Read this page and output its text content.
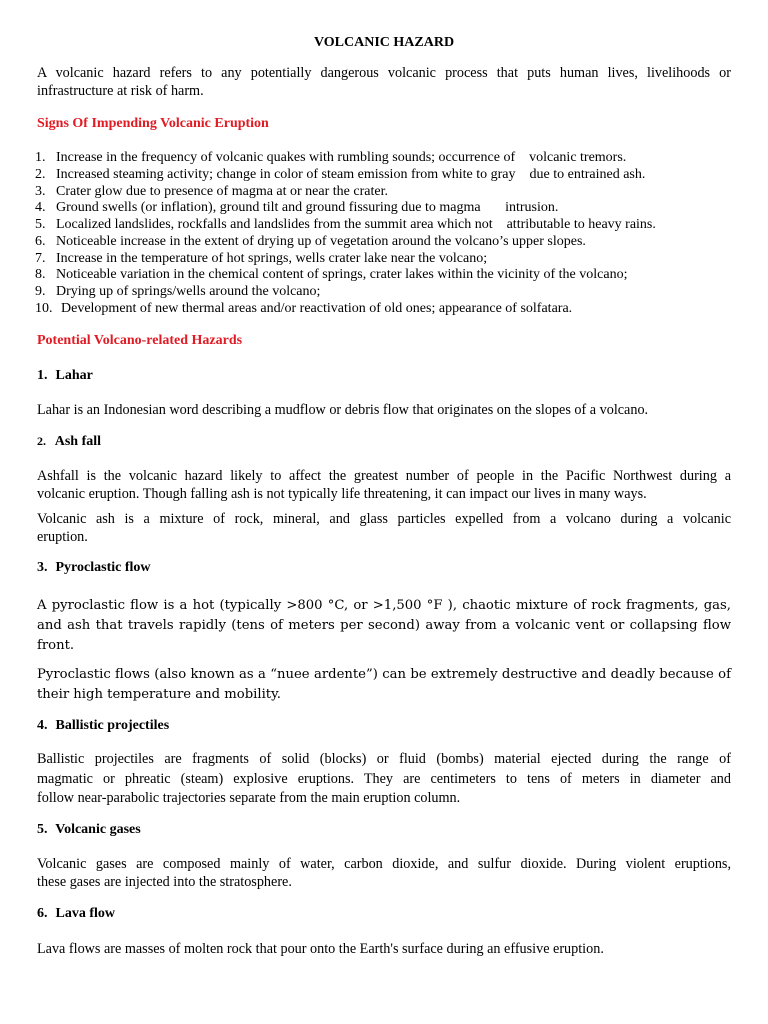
VOLCANIC HAZARD
A volcanic hazard refers to any potentially dangerous volcanic process that puts human lives, livelihoods or
infrastructure at risk of harm.
Signs Of Impending Volcanic Eruption
1. Increase in the frequency of volcanic quakes with rumbling sounds; occurrence of    volcanic tremors.
2. Increased steaming activity; change in color of steam emission from white to gray    due to entrained ash.
3. Crater glow due to presence of magma at or near the crater.
4. Ground swells (or inflation), ground tilt and ground fissuring due to magma       intrusion.
5. Localized landslides, rockfalls and landslides from the summit area which not    attributable to heavy rains.
6. Noticeable increase in the extent of drying up of vegetation around the volcano’s upper slopes.
7. Increase in the temperature of hot springs, wells crater lake near the volcano;
8. Noticeable variation in the chemical content of springs, crater lakes within the vicinity of the volcano;
9. Drying up of springs/wells around the volcano;
10. Development of new thermal areas and/or reactivation of old ones; appearance of solfatara.
Potential Volcano-related Hazards
1. Lahar
Lahar is an Indonesian word describing a mudflow or debris flow that originates on the slopes of a volcano.
2. Ash fall
Ashfall is the volcanic hazard likely to affect the greatest number of people in the Pacific Northwest during a
volcanic eruption. Though falling ash is not typically life threatening, it can impact our lives in many ways.
Volcanic ash is a mixture of rock, mineral, and glass particles expelled from a volcano during a volcanic
eruption.
3. Pyroclastic flow
A pyroclastic flow is a hot (typically >800 °C, or >1,500 °F ), chaotic mixture of rock fragments, gas,
and ash that travels rapidly (tens of meters per second) away from a volcanic vent or collapsing flow
front.
Pyroclastic flows (also known as a “nuee ardente”) can be extremely destructive and deadly because of
their high temperature and mobility.
4. Ballistic projectiles
Ballistic projectiles are fragments of solid (blocks) or fluid (bombs) material ejected during the range of
magmatic or phreatic (steam) explosive eruptions. They are centimeters to tens of meters in diameter and
follow near-parabolic trajectories separate from the main eruption column.
5. Volcanic gases
Volcanic gases are composed mainly of water, carbon dioxide, and sulfur dioxide. During violent eruptions,
these gases are injected into the stratosphere.
6. Lava flow
Lava flows are masses of molten rock that pour onto the Earth's surface during an effusive eruption.
